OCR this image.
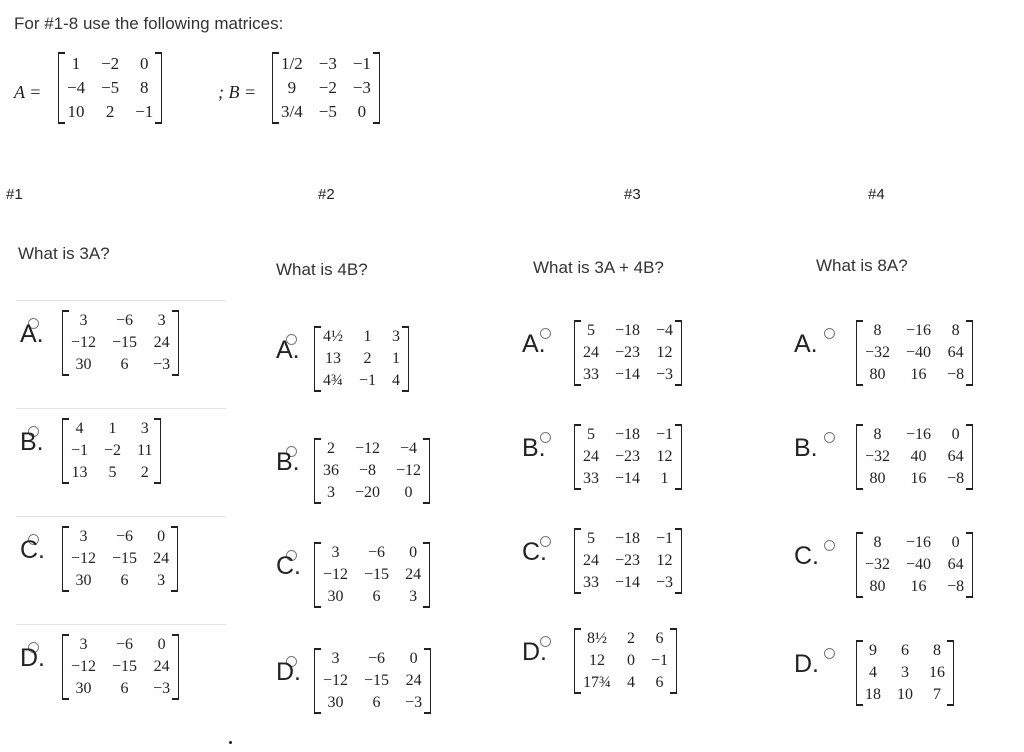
For #1-8 use the following matrices:
A =
1	−2	0
−4	−5	8
10	2	−1
; B =
1/2	−3	−1
9	−2	−3
3/4	−5	0
#1
What is 3A?
A. 3	−6	3
−12	−15	24
30	6	−3
B. 4	1	3
−1	−2	11
13	5	2
C. 3	−6	0
−12	−15	24
30	6	3
D. 3	−6	0
−12	−15	24
30	6	−3
#2
What is 4B?
A. 4½	1	3
13	2	1
4¾	−1	4
B. 2	−12	−4
36	−8	−12
3	−20	0
C. 3	−6	0
−12	−15	24
30	6	3
D. 3	−6	0
−12	−15	24
30	6	−3
#3
What is 3A + 4B?
A.	5	−18	−4
24	−23	12
33	−14	−3
B.	5	−18	−1
24	−23	12
33	−14	1
C.	5	−18	−1
24	−23	12
33	−14	−3
D.	8½	2	6
12	0	−1
17¾	4	6
#4
What is 8A?
A.	8	−16	8
−32	−40	64
80	16	−8
B.	8	−16	0
−32	40	64
80	16	−8
C.	8	−16	0
−32	−40	64
80	16	−8
D.	9	6	8
4	3	16
18	10	7
